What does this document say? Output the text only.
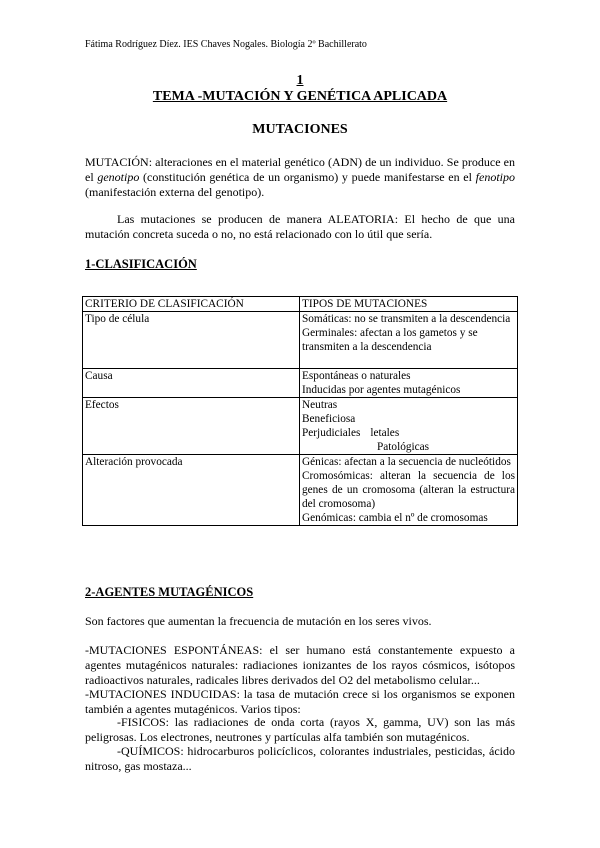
Fátima Rodríguez Díez. IES Chaves Nogales. Biología 2º Bachillerato
1
TEMA -MUTACIÓN Y GENÉTICA APLICADA
MUTACIONES
MUTACIÓN: alteraciones en el material genético (ADN) de un individuo. Se produce en el genotipo (constitución genética de un organismo) y puede manifestarse en el fenotipo (manifestación externa del genotipo).
Las mutaciones se producen de manera ALEATORIA: El hecho de que una mutación concreta suceda o no, no está relacionado con lo útil que sería.
1-CLASIFICACIÓN
CRITERIO DE CLASIFICACIÓN	TIPOS DE MUTACIONES
Tipo de célula	Somáticas: no se transmiten a la descendencia
Germinales: afectan a los gametos y se transmiten a la descendencia

Causa	Espontáneas o naturales
Inducidas por agentes mutagénicos

Efectos	Neutras
Beneficiosa
Perjudiciales letales
Patológicas

Alteración provocada	Génicas: afectan a la secuencia de nucleótidos
Cromosómicas: alteran la secuencia de los genes de un cromosoma (alteran la estructura del cromosoma)
Genómicas: cambia el nº de cromosomas
2-AGENTES MUTAGÉNICOS
Son factores que aumentan la frecuencia de mutación en los seres vivos.
-MUTACIONES ESPONTÁNEAS: el ser humano está constantemente expuesto a agentes mutagénicos naturales: radiaciones ionizantes de los rayos cósmicos, isótopos radioactivos naturales, radicales libres derivados del O2 del metabolismo celular...
-MUTACIONES INDUCIDAS: la tasa de mutación crece si los organismos se exponen también a agentes mutagénicos. Varios tipos:
-FISICOS: las radiaciones de onda corta (rayos X, gamma, UV) son las más peligrosas. Los electrones, neutrones y partículas alfa también son mutagénicos.
-QUÍMICOS: hidrocarburos policíclicos, colorantes industriales, pesticidas, ácido nitroso, gas mostaza...
